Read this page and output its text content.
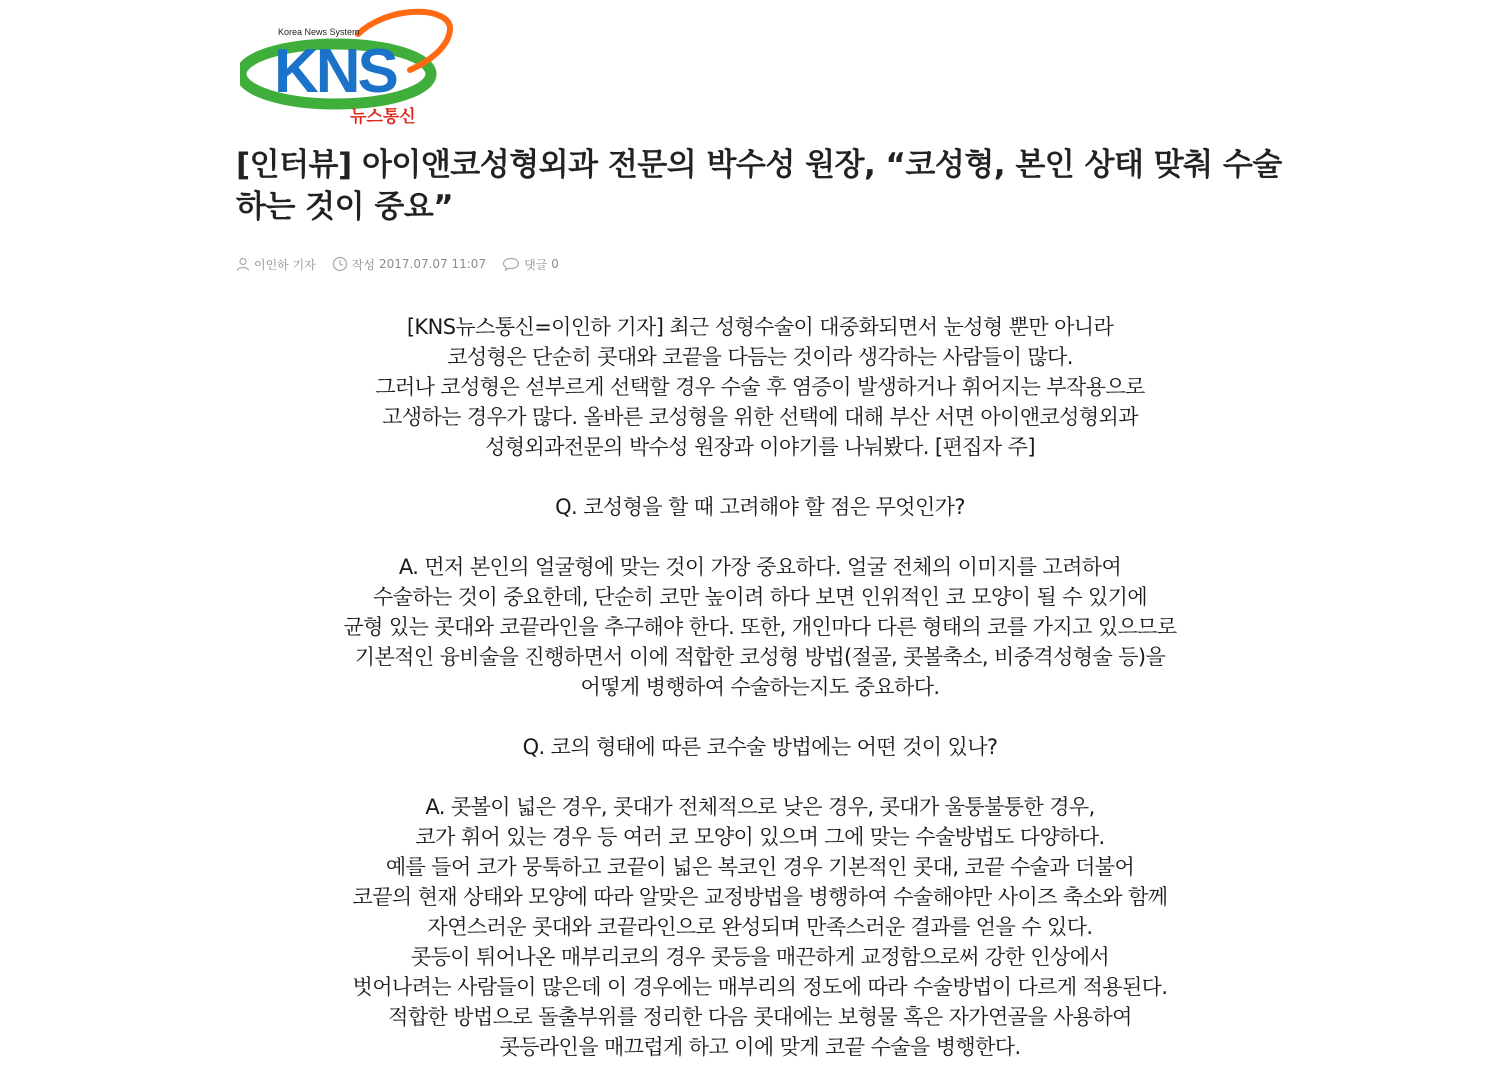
Korea News System
KNS
뉴스통신
[인터뷰] 아이앤코성형외과 전문의 박수성 원장, “코성형, 본인 상태 맞춰 수술하는 것이 중요”
이인하 기자	작성 2017.07.07 11:07	댓글 0
[KNS뉴스통신=이인하 기자] 최근 성형수술이 대중화되면서 눈성형 뿐만 아니라
코성형은 단순히 콧대와 코끝을 다듬는 것이라 생각하는 사람들이 많다.
그러나 코성형은 섣부르게 선택할 경우 수술 후 염증이 발생하거나 휘어지는 부작용으로
고생하는 경우가 많다. 올바른 코성형을 위한 선택에 대해 부산 서면 아이앤코성형외과
성형외과전문의 박수성 원장과 이야기를 나눠봤다. [편집자 주]
Q. 코성형을 할 때 고려해야 할 점은 무엇인가?
A. 먼저 본인의 얼굴형에 맞는 것이 가장 중요하다. 얼굴 전체의 이미지를 고려하여
수술하는 것이 중요한데, 단순히 코만 높이려 하다 보면 인위적인 코 모양이 될 수 있기에
균형 있는 콧대와 코끝라인을 추구해야 한다. 또한, 개인마다 다른 형태의 코를 가지고 있으므로
기본적인 융비술을 진행하면서 이에 적합한 코성형 방법(절골, 콧볼축소, 비중격성형술 등)을
어떻게 병행하여 수술하는지도 중요하다.
Q. 코의 형태에 따른 코수술 방법에는 어떤 것이 있나?
A. 콧볼이 넓은 경우, 콧대가 전체적으로 낮은 경우, 콧대가 울퉁불퉁한 경우,
코가 휘어 있는 경우 등 여러 코 모양이 있으며 그에 맞는 수술방법도 다양하다.
예를 들어 코가 뭉툭하고 코끝이 넓은 복코인 경우 기본적인 콧대, 코끝 수술과 더불어
코끝의 현재 상태와 모양에 따라 알맞은 교정방법을 병행하여 수술해야만 사이즈 축소와 함께
자연스러운 콧대와 코끝라인으로 완성되며 만족스러운 결과를 얻을 수 있다.
콧등이 튀어나온 매부리코의 경우 콧등을 매끈하게 교정함으로써 강한 인상에서
벗어나려는 사람들이 많은데 이 경우에는 매부리의 정도에 따라 수술방법이 다르게 적용된다.
적합한 방법으로 돌출부위를 정리한 다음 콧대에는 보형물 혹은 자가연골을 사용하여
콧등라인을 매끄럽게 하고 이에 맞게 코끝 수술을 병행한다.
